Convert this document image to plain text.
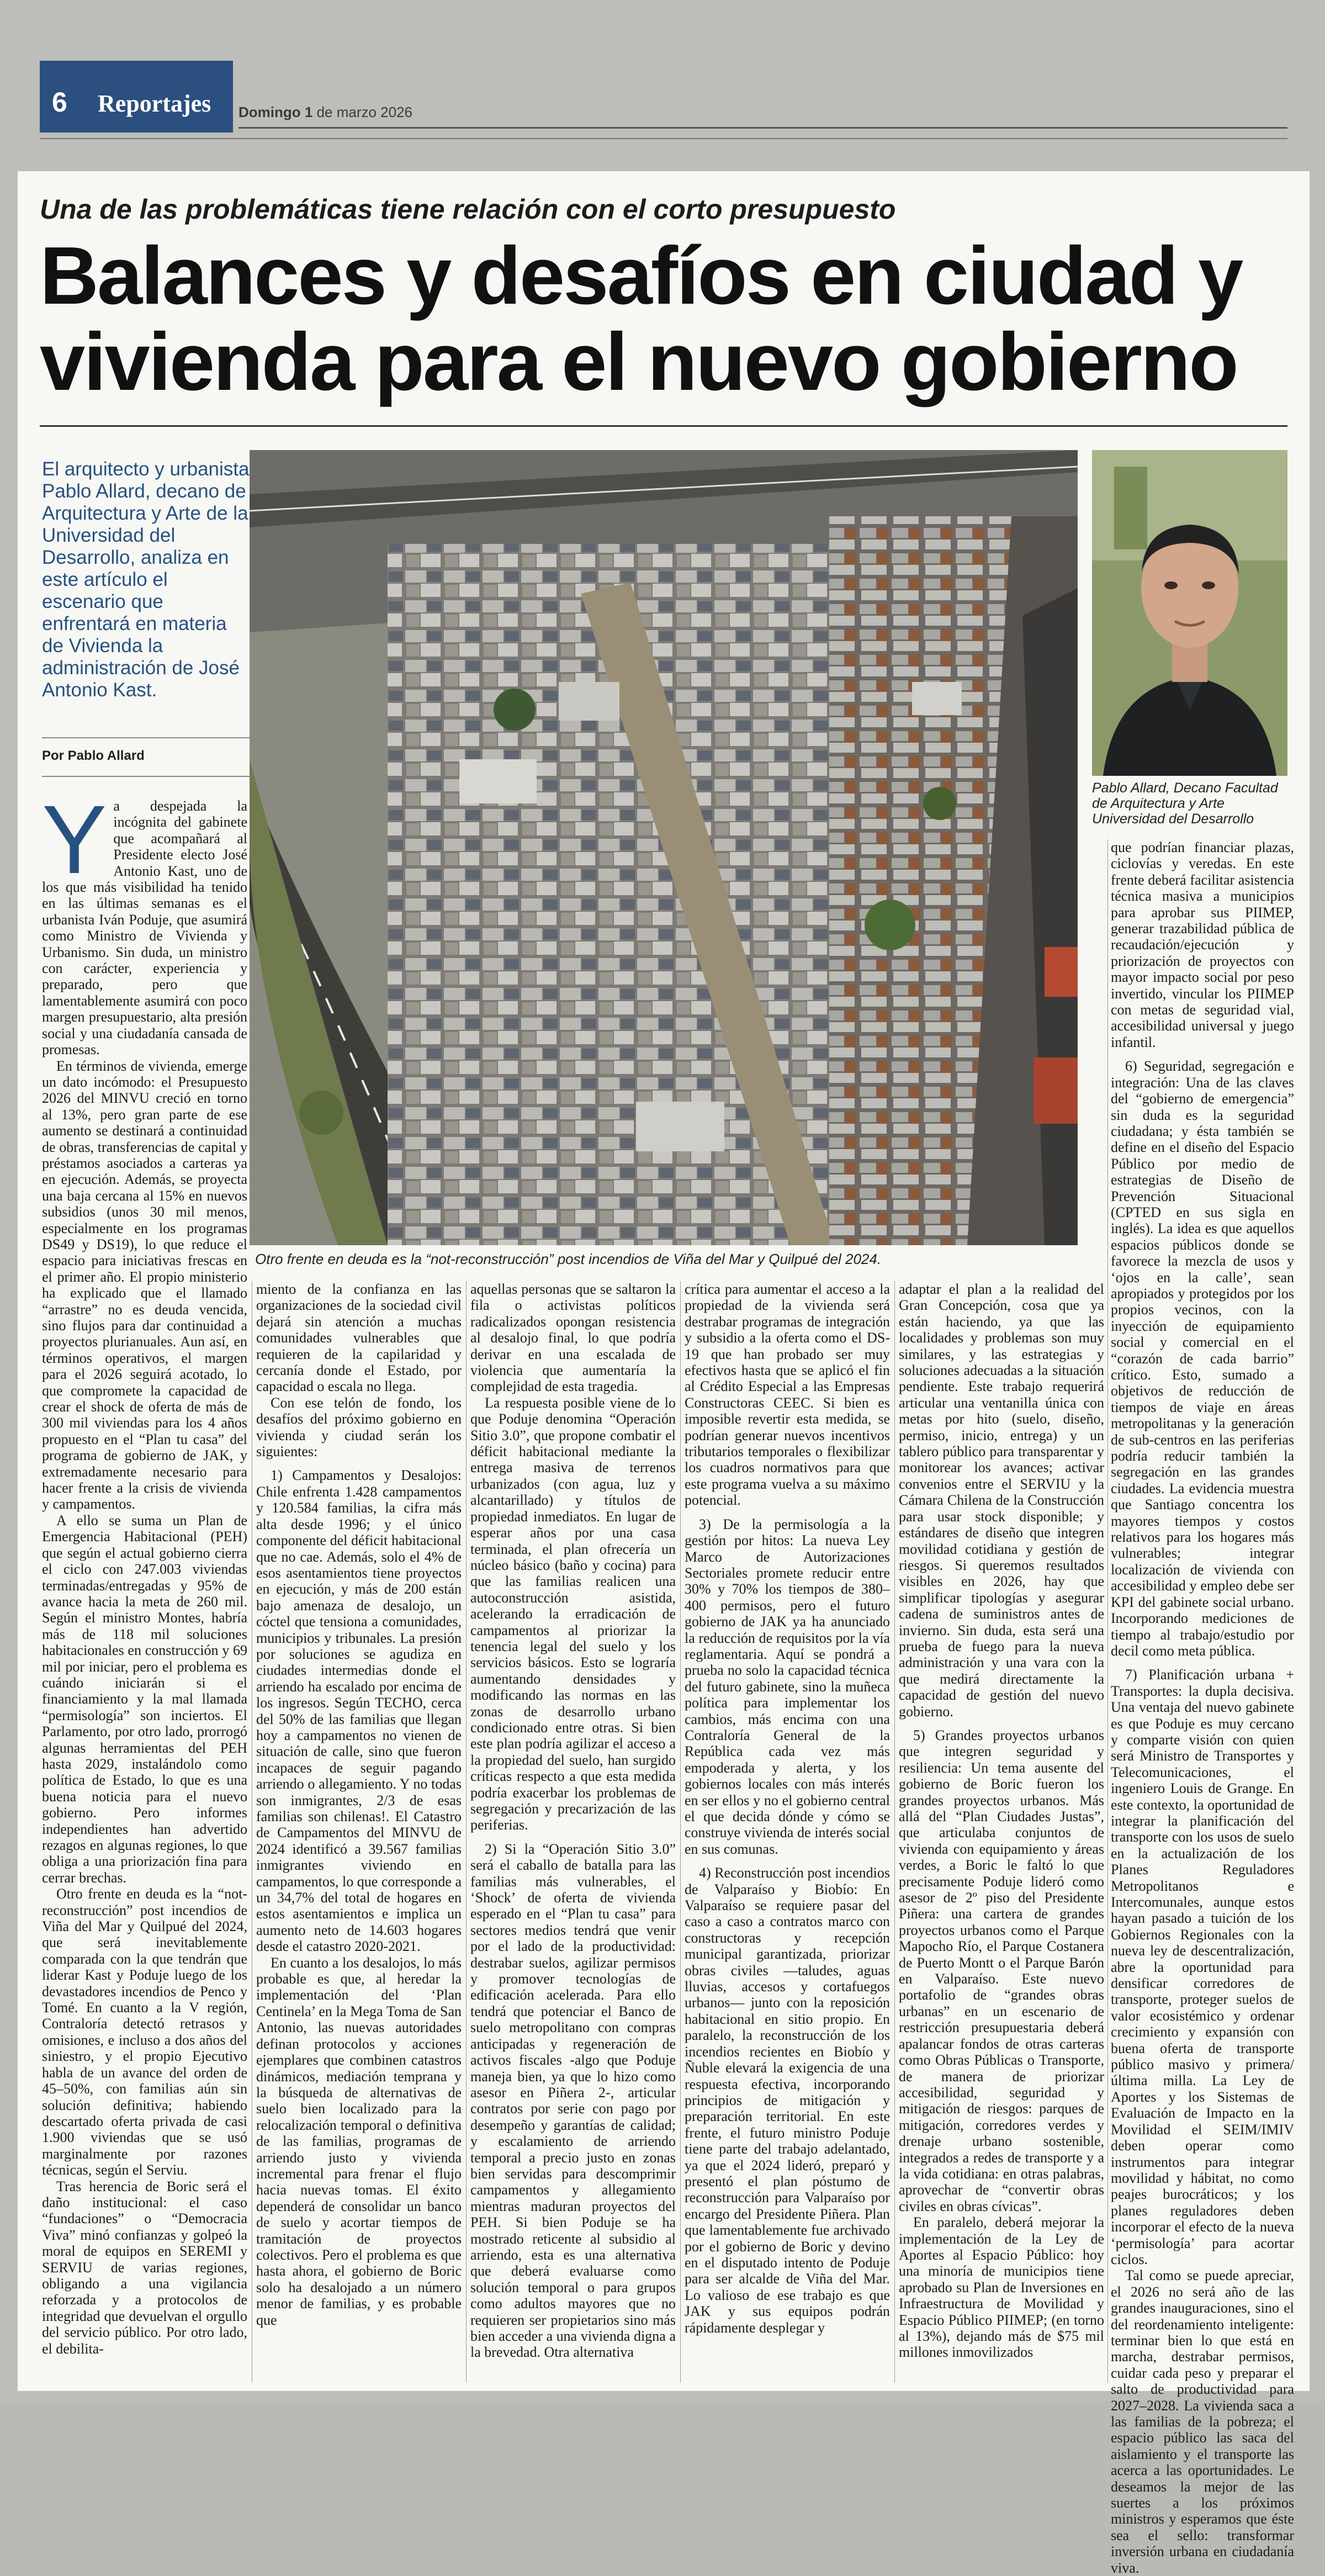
6 Reportajes Domingo 1 de marzo 2026
Una de las problemáticas tiene relación con el corto presupuesto
Balances y desafíos en ciudad y vivienda para el nuevo gobierno
El arquitecto y urbanista Pablo Allard, decano de Arquitectura y Arte de la Universidad del Desarrollo, analiza en este artículo el escenario que enfrentará en materia de Vivienda la administración de José Antonio Kast.
Por Pablo Allard
Otro frente en deuda es la “not-reconstrucción” post incendios de Viña del Mar y Quilpué del 2024.
Pablo Allard, Decano Facultad de Arquitectura y Arte Universidad del Desarrollo

Ya despejada la incógnita del gabinete que acompañará al Presidente electo José Antonio Kast, uno de los que más visibilidad ha tenido en las últimas semanas es el urbanista Iván Poduje, que asumirá como Ministro de Vivienda y Urbanismo. Sin duda, un ministro con carácter, experiencia y preparado, pero que lamentablemente asumirá con poco margen presupuestario, alta presión social y una ciudadanía cansada de promesas.

En términos de vivienda, emerge un dato incómodo: el Presupuesto 2026 del MINVU creció en torno al 13%, pero gran parte de ese aumento se destinará a continuidad de obras, transferencias de capital y préstamos asociados a carteras ya en ejecución. Además, se proyecta una baja cercana al 15% en nuevos subsidios (unos 30 mil menos, especialmente en los programas DS49 y DS19), lo que reduce el espacio para iniciativas frescas en el primer año. El propio ministerio ha explicado que el llamado “arrastre” no es deuda vencida, sino flujos para dar continuidad a proyectos plurianuales. Aun así, en términos operativos, el margen para el 2026 seguirá acotado, lo que compromete la capacidad de crear el shock de oferta de más de 300 mil viviendas para los 4 años propuesto en el “Plan tu casa” del programa de gobierno de JAK, y extremadamente necesario para hacer frente a la crisis de vivienda y campamentos.

A ello se suma un Plan de Emergencia Habitacional (PEH) que según el actual gobierno cierra el ciclo con 247.003 viviendas terminadas/entregadas y 95% de avance hacia la meta de 260 mil. Según el ministro Montes, habría más de 118 mil soluciones habitacionales en construcción y 69 mil por iniciar, pero el problema es cuándo iniciarán si el financiamiento y la mal llamada “permisología” son inciertos. El Parlamento, por otro lado, prorrogó algunas herramientas del PEH hasta 2029, instalándolo como política de Estado, lo que es una buena noticia para el nuevo gobierno. Pero informes independientes han advertido rezagos en algunas regiones, lo que obliga a una priorización fina para cerrar brechas.

Otro frente en deuda es la “not-reconstrucción” post incendios de Viña del Mar y Quilpué del 2024, que será inevitablemente comparada con la que tendrán que liderar Kast y Poduje luego de los devastadores incendios de Penco y Tomé. En cuanto a la V región, Contraloría detectó retrasos y omisiones, e incluso a dos años del siniestro, y el propio Ejecutivo habla de un avance del orden de 45–50%, con familias aún sin solución definitiva; habiendo descartado oferta privada de casi 1.900 viviendas que se usó marginalmente por razones técnicas, según el Serviu.

Tras herencia de Boric será el daño institucional: el caso “fundaciones” o “Democracia Viva” minó confianzas y golpeó la moral de equipos en SEREMI y SERVIU de varias regiones, obligando a una vigilancia reforzada y a protocolos de integridad que devuelvan el orgullo del servicio público. Por otro lado, el debilita-

miento de la confianza en las organizaciones de la sociedad civil dejará sin atención a muchas comunidades vulnerables que requieren de la capilaridad y cercanía donde el Estado, por capacidad o escala no llega.

Con ese telón de fondo, los desafíos del próximo gobierno en vivienda y ciudad serán los siguientes:

1) Campamentos y Desalojos: Chile enfrenta 1.428 campamentos y 120.584 familias, la cifra más alta desde 1996; y el único componente del déficit habitacional que no cae. Además, solo el 4% de esos asentamientos tiene proyectos en ejecución, y más de 200 están bajo amenaza de desalojo, un cóctel que tensiona a comunidades, municipios y tribunales. La presión por soluciones se agudiza en ciudades intermedias donde el arriendo ha escalado por encima de los ingresos. Según TECHO, cerca del 50% de las familias que llegan hoy a campamentos no vienen de situación de calle, sino que fueron incapaces de seguir pagando arriendo o allegamiento. Y no todas son inmigrantes, 2/3 de esas familias son chilenas!. El Catastro de Campamentos del MINVU de 2024 identificó a 39.567 familias inmigrantes viviendo en campamentos, lo que corresponde a un 34,7% del total de hogares en estos asentamientos e implica un aumento neto de 14.603 hogares desde el catastro 2020-2021.

En cuanto a los desalojos, lo más probable es que, al heredar la implementación del ‘Plan Centinela’ en la Mega Toma de San Antonio, las nuevas autoridades definan protocolos y acciones ejemplares que combinen catastros dinámicos, mediación temprana y la búsqueda de alternativas de suelo bien localizado para la relocalización temporal o definitiva de las familias, programas de arriendo justo y vivienda incremental para frenar el flujo hacia nuevas tomas. El éxito dependerá de consolidar un banco de suelo y acortar tiempos de tramitación de proyectos colectivos. Pero el problema es que hasta ahora, el gobierno de Boric solo ha desalojado a un número menor de familias, y es probable que

aquellas personas que se saltaron la fila o activistas políticos radicalizados opongan resistencia al desalojo final, lo que podría derivar en una escalada de violencia que aumentaría la complejidad de esta tragedia.

La respuesta posible viene de lo que Poduje denomina “Operación Sitio 3.0”, que propone combatir el déficit habitacional mediante la entrega masiva de terrenos urbanizados (con agua, luz y alcantarillado) y títulos de propiedad inmediatos. En lugar de esperar años por una casa terminada, el plan ofrecería un núcleo básico (baño y cocina) para que las familias realicen una autoconstrucción asistida, acelerando la erradicación de campamentos al priorizar la tenencia legal del suelo y los servicios básicos. Esto se lograría aumentando densidades y modificando las normas en las zonas de desarrollo urbano condicionado entre otras. Si bien este plan podría agilizar el acceso a la propiedad del suelo, han surgido críticas respecto a que esta medida podría exacerbar los problemas de segregación y precarización de las periferias.

2) Si la “Operación Sitio 3.0” será el caballo de batalla para las familias más vulnerables, el ‘Shock’ de oferta de vivienda esperado en el “Plan tu casa” para sectores medios tendrá que venir por el lado de la productividad: destrabar suelos, agilizar permisos y promover tecnologías de edificación acelerada. Para ello tendrá que potenciar el Banco de suelo metropolitano con compras anticipadas y regeneración de activos fiscales -algo que Poduje maneja bien, ya que lo hizo como asesor en Piñera 2-, articular contratos por serie con pago por desempeño y garantías de calidad; y escalamiento de arriendo temporal a precio justo en zonas bien servidas para descomprimir campamentos y allegamiento mientras maduran proyectos del PEH. Si bien Poduje se ha mostrado reticente al subsidio al arriendo, esta es una alternativa que deberá evaluarse como solución temporal o para grupos como adultos mayores que no requieren ser propietarios sino más bien acceder a una vivienda digna a la brevedad. Otra alternativa

crítica para aumentar el acceso a la propiedad de la vivienda será destrabar programas de integración y subsidio a la oferta como el DS-19 que han probado ser muy efectivos hasta que se aplicó el fin al Crédito Especial a las Empresas Constructoras CEEC. Si bien es imposible revertir esta medida, se podrían generar nuevos incentivos tributarios temporales o flexibilizar los cuadros normativos para que este programa vuelva a su máximo potencial.

3) De la permisología a la gestión por hitos: La nueva Ley Marco de Autorizaciones Sectoriales promete reducir entre 30% y 70% los tiempos de 380–400 permisos, pero el futuro gobierno de JAK ya ha anunciado la reducción de requisitos por la vía reglamentaria. Aquí se pondrá a prueba no solo la capacidad técnica del futuro gabinete, sino la muñeca política para implementar los cambios, más encima con una Contraloría General de la República cada vez más empoderada y alerta, y los gobiernos locales con más interés en ser ellos y no el gobierno central el que decida dónde y cómo se construye vivienda de interés social en sus comunas.

4) Reconstrucción post incendios de Valparaíso y Biobío: En Valparaíso se requiere pasar del caso a caso a contratos marco con constructoras y recepción municipal garantizada, priorizar obras civiles —taludes, aguas lluvias, accesos y cortafuegos urbanos— junto con la reposición habitacional en sitio propio. En paralelo, la reconstrucción de los incendios recientes en Biobío y Ñuble elevará la exigencia de una respuesta efectiva, incorporando principios de mitigación y preparación territorial. En este frente, el futuro ministro Poduje tiene parte del trabajo adelantado, ya que el 2024 lideró, preparó y presentó el plan póstumo de reconstrucción para Valparaíso por encargo del Presidente Piñera. Plan que lamentablemente fue archivado por el gobierno de Boric y devino en el disputado intento de Poduje para ser alcalde de Viña del Mar. Lo valioso de ese trabajo es que JAK y sus equipos podrán rápidamente desplegar y

adaptar el plan a la realidad del Gran Concepción, cosa que ya están haciendo, ya que las localidades y problemas son muy similares, y las estrategias y soluciones adecuadas a la situación pendiente. Este trabajo requerirá articular una ventanilla única con metas por hito (suelo, diseño, permiso, inicio, entrega) y un tablero público para transparentar y monitorear los avances; activar convenios entre el SERVIU y la Cámara Chilena de la Construcción para usar stock disponible; y estándares de diseño que integren movilidad cotidiana y gestión de riesgos. Si queremos resultados visibles en 2026, hay que simplificar tipologías y asegurar cadena de suministros antes de invierno. Sin duda, esta será una prueba de fuego para la nueva administración y una vara con la que medirá directamente la capacidad de gestión del nuevo gobierno.

5) Grandes proyectos urbanos que integren seguridad y resiliencia: Un tema ausente del gobierno de Boric fueron los grandes proyectos urbanos. Más allá del “Plan Ciudades Justas”, que articulaba conjuntos de vivienda con equipamiento y áreas verdes, a Boric le faltó lo que precisamente Poduje lideró como asesor de 2º piso del Presidente Piñera: una cartera de grandes proyectos urbanos como el Parque Mapocho Río, el Parque Costanera de Puerto Montt o el Parque Barón en Valparaíso. Este nuevo portafolio de “grandes obras urbanas” en un escenario de restricción presupuestaria deberá apalancar fondos de otras carteras como Obras Públicas o Transporte, de manera de priorizar accesibilidad, seguridad y mitigación de riesgos: parques de mitigación, corredores verdes y drenaje urbano sostenible, integrados a redes de transporte y a la vida cotidiana: en otras palabras, aprovechar de “convertir obras civiles en obras cívicas”.

En paralelo, deberá mejorar la implementación de la Ley de Aportes al Espacio Público: hoy una minoría de municipios tiene aprobado su Plan de Inversiones en Infraestructura de Movilidad y Espacio Público PIIMEP; (en torno al 13%), dejando más de $75 mil millones inmovilizados

que podrían financiar plazas, ciclovías y veredas. En este frente deberá facilitar asistencia técnica masiva a municipios para aprobar sus PIIMEP, generar trazabilidad pública de recaudación/ejecución y priorización de proyectos con mayor impacto social por peso invertido, vincular los PIIMEP con metas de seguridad vial, accesibilidad universal y juego infantil.

6) Seguridad, segregación e integración: Una de las claves del “gobierno de emergencia” sin duda es la seguridad ciudadana; y ésta también se define en el diseño del Espacio Público por medio de estrategias de Diseño de Prevención Situacional (CPTED en sus sigla en inglés). La idea es que aquellos espacios públicos donde se favorece la mezcla de usos y ‘ojos en la calle’, sean apropiados y protegidos por los propios vecinos, con la inyección de equipamiento social y comercial en el “corazón de cada barrio” crítico. Esto, sumado a objetivos de reducción de tiempos de viaje en áreas metropolitanas y la generación de sub-centros en las periferias podría reducir también la segregación en las grandes ciudades. La evidencia muestra que Santiago concentra los mayores tiempos y costos relativos para los hogares más vulnerables; integrar localización de vivienda con accesibilidad y empleo debe ser KPI del gabinete social urbano. Incorporando mediciones de tiempo al trabajo/estudio por decil como meta pública.

7) Planificación urbana + Transportes: la dupla decisiva. Una ventaja del nuevo gabinete es que Poduje es muy cercano y comparte visión con quien será Ministro de Transportes y Telecomunicaciones, el ingeniero Louis de Grange. En este contexto, la oportunidad de integrar la planificación del transporte con los usos de suelo en la actualización de los Planes Reguladores Metropolitanos e Intercomunales, aunque estos hayan pasado a tuición de los Gobiernos Regionales con la nueva ley de descentralización, abre la oportunidad para densificar corredores de transporte, proteger suelos de valor ecosistémico y ordenar crecimiento y expansión con buena oferta de transporte público masivo y primera/última milla. La Ley de Aportes y los Sistemas de Evaluación de Impacto en la Movilidad el SEIM/IMIV deben operar como instrumentos para integrar movilidad y hábitat, no como peajes burocráticos; y los planes reguladores deben incorporar el efecto de la nueva ‘permisología’ para acortar ciclos.

Tal como se puede apreciar, el 2026 no será año de las grandes inauguraciones, sino el del reordenamiento inteligente: terminar bien lo que está en marcha, destrabar permisos, cuidar cada peso y preparar el salto de productividad para 2027–2028. La vivienda saca a las familias de la pobreza; el espacio público las saca del aislamiento y el transporte las acerca a las oportunidades. Le deseamos la mejor de las suertes a los próximos ministros y esperamos que éste sea el sello: transformar inversión urbana en ciudadanía viva.
